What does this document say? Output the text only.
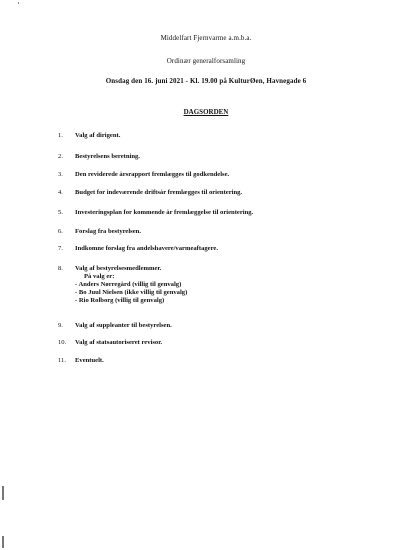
Middelfart Fjernvarme a.m.b.a.
Ordinær generalforsamling
Onsdag den 16. juni 2021 - Kl. 19.00 på KulturØen, Havnegade 6
DAGSORDEN
1.	Valg af dirigent.
2.	Bestyrelsens beretning.
3.	Den reviderede årsrapport fremlægges til godkendelse.
4.	Budget for indeværende driftsår fremlægges til orientering.
5.	Investeringsplan for kommende år fremlæggelse til orientering.
6.	Forslag fra bestyrelsen.
7.	Indkomne forslag fra andelshavere/varmeaftagere.
8.	Valg af bestyrelsesmedlemmer.
På valg er:
- Anders Nørregård (villig til genvalg)
- Bo Juul Nielsen (ikke villig til genvalg)
- Rio Rolborg (villig til genvalg)
9.	Valg af suppleanter til bestyrelsen.
10.	Valg af statsautoriseret revisor.
11.	Eventuelt.
